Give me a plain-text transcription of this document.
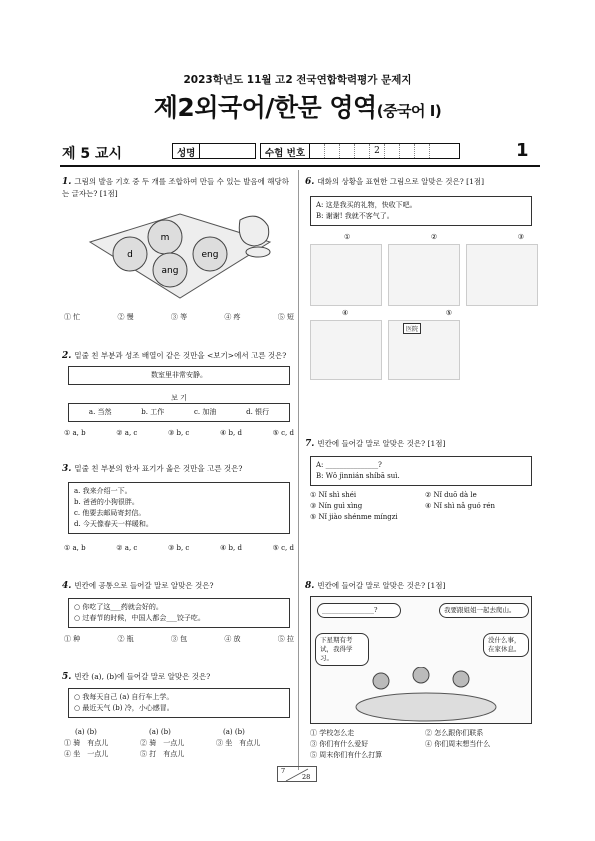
2023학년도 11월 고2 전국연합학력평가 문제지
제2외국어/한문 영역(중국어 Ⅰ)
제 5 교시	성명	수험 번호	2	1
1. 그림의 발음 기호 중 두 개를 조합하여 만들 수 있는 발음에 해당하는 글자는? [1점]
m
d	eng
ang
① 忙	② 慢	③ 等	④ 疼	⑤ 短
2. 밑줄 친 부분과 성조 배열이 같은 것만을 <보기>에서 고른 것은?
数室里非常安静。
보 기
a. 当然	b. 工作	c. 加油	d. 银行
① a, b	② a, c	③ b, c	④ b, d	⑤ c, d
3. 밑줄 친 부분의 한자 표기가 옳은 것만을 고른 것은?
a. 我来介绍一下。
b. 爸爸的小狗很胖。
c. 他要去邮局寄封信。
d. 今天像春天一样暖和。
① a, b	② a, c	③ b, c	④ b, d	⑤ c, d
4. 빈칸에 공통으로 들어갈 말로 알맞은 것은?
○ 你吃了这___药就会好的。
○ 过春节的时候，中国人都会___饺子吃。
① 种	② 瓶	③ 包	④ 放	⑤ 拉
5. 빈칸 (a), (b)에 들어갈 말로 알맞은 것은?
○ 我每天自己 (a) 自行车上学。
○ 最近天气 (b) 冷，小心感冒。
(a) (b)	(a) (b)	(a) (b)
① 骑　有点儿	② 骑　一点儿	③ 坐　有点儿
④ 坐　一点儿	⑤ 打　有点儿
6. 대화의 상황을 표현한 그림으로 알맞은 것은? [1점]
A: 这是我买的礼物，快收下吧。
B: 谢谢! 我就不客气了。
①	②	③
④	⑤
医院
7. 빈칸에 들어갈 말로 알맞은 것은? [1점]
A: _______________?
B: Wǒ jìnnián shíbā suì.
① Nǐ shì shéi	② Nǐ duō dà le
③ Nín guì xìng	④ Nǐ shì nǎ guó rén
⑤ Nǐ jiào shénme míngzi
8. 빈칸에 들어갈 말로 알맞은 것은? [1점]
________________?	我要跟姐姐一起去爬山。
下星期有考试，我得学习。
没什么事，在家休息。
① 学校怎么走	② 怎么跟你们联系
③ 你们有什么爱好	④ 你们周末想当什么
⑤ 周末你们有什么打算
7
28
